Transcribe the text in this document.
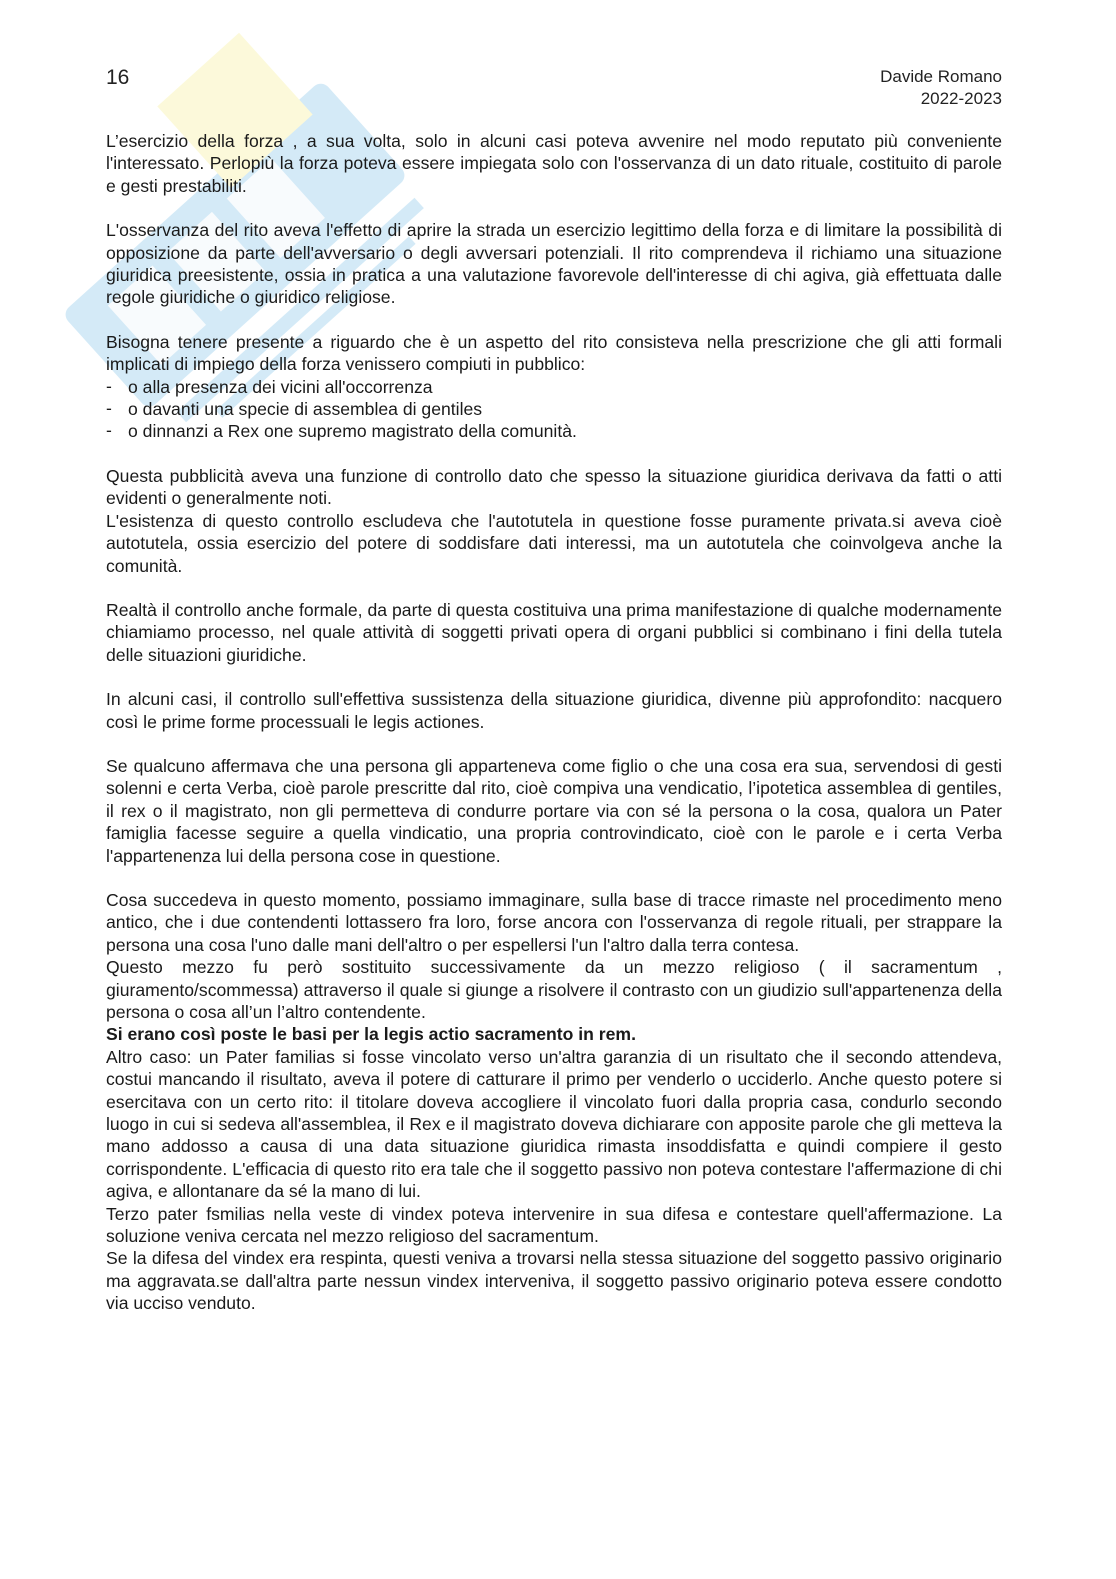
16	Davide Romano
2022-2023

L’esercizio della forza , a sua volta, solo in alcuni casi poteva avvenire nel modo reputato più conveniente l'interessato. Perlopiù la forza poteva essere impiegata solo con l'osservanza di un dato rituale, costituito di parole e gesti prestabiliti.

L'osservanza del rito aveva l'effetto di aprire la strada un esercizio legittimo della forza e di limitare la possibilità di opposizione da parte dell'avversario o degli avversari potenziali. Il rito comprendeva il richiamo una situazione giuridica preesistente, ossia in pratica a una valutazione favorevole dell'interesse di chi agiva, già effettuata dalle regole giuridiche o giuridico religiose.

Bisogna tenere presente a riguardo che è un aspetto del rito consisteva nella prescrizione che gli atti formali implicati di impiego della forza venissero compiuti in pubblico:

- o alla presenza dei vicini all'occorrenza
- o davanti una specie di assemblea di gentiles
- o dinnanzi a Rex one supremo magistrato della comunità.

Questa pubblicità aveva una funzione di controllo dato che spesso la situazione giuridica derivava da fatti o atti evidenti o generalmente noti.

L'esistenza di questo controllo escludeva che l'autotutela in questione fosse puramente privata.si aveva cioè autotutela, ossia esercizio del potere di soddisfare dati interessi, ma un autotutela che coinvolgeva anche la comunità.

Realtà il controllo anche formale, da parte di questa costituiva una prima manifestazione di qualche modernamente chiamiamo processo, nel quale attività di soggetti privati opera di organi pubblici si combinano i fini della tutela delle situazioni giuridiche.

In alcuni casi, il controllo sull'effettiva sussistenza della situazione giuridica, divenne più approfondito: nacquero così le prime forme processuali le legis actiones.

Se qualcuno affermava che una persona gli apparteneva come figlio o che una cosa era sua, servendosi di gesti solenni e certa Verba, cioè parole prescritte dal rito, cioè compiva una vendicatio, l’ipotetica assemblea di gentiles, il rex o il magistrato, non gli permetteva di condurre portare via con sé la persona o la cosa, qualora un Pater famiglia facesse seguire a quella vindicatio, una propria controvindicato, cioè con le parole e i certa Verba l'appartenenza lui della persona cose in questione.

Cosa succedeva in questo momento, possiamo immaginare, sulla base di tracce rimaste nel procedimento meno antico, che i due contendenti lottassero fra loro, forse ancora con l'osservanza di regole rituali, per strappare la persona una cosa l'uno dalle mani dell'altro o per espellersi l'un l'altro dalla terra contesa.

Questo mezzo fu però sostituito successivamente da un mezzo religioso ( il sacramentum , giuramento/scommessa) attraverso il quale si giunge a risolvere il contrasto con un giudizio sull'appartenenza della persona o cosa all’un l’altro contendente.

Si erano così poste le basi per la legis actio sacramento in rem.

Altro caso: un Pater familias si fosse vincolato verso un'altra garanzia di un risultato che il secondo attendeva, costui mancando il risultato, aveva il potere di catturare il primo per venderlo o ucciderlo. Anche questo potere si esercitava con un certo rito: il titolare doveva accogliere il vincolato fuori dalla propria casa, condurlo secondo luogo in cui si sedeva all'assemblea, il Rex e il magistrato doveva dichiarare con apposite parole che gli metteva la mano addosso a causa di una data situazione giuridica rimasta insoddisfatta e quindi compiere il gesto corrispondente. L'efficacia di questo rito era tale che il soggetto passivo non poteva contestare l'affermazione di chi agiva, e allontanare da sé la mano di lui.

Terzo pater fsmilias nella veste di vindex poteva intervenire in sua difesa e contestare quell'affermazione. La soluzione veniva cercata nel mezzo religioso del sacramentum.

Se la difesa del vindex era respinta, questi veniva a trovarsi nella stessa situazione del soggetto passivo originario ma aggravata.se dall'altra parte nessun vindex interveniva, il soggetto passivo originario poteva essere condotto via ucciso venduto.
